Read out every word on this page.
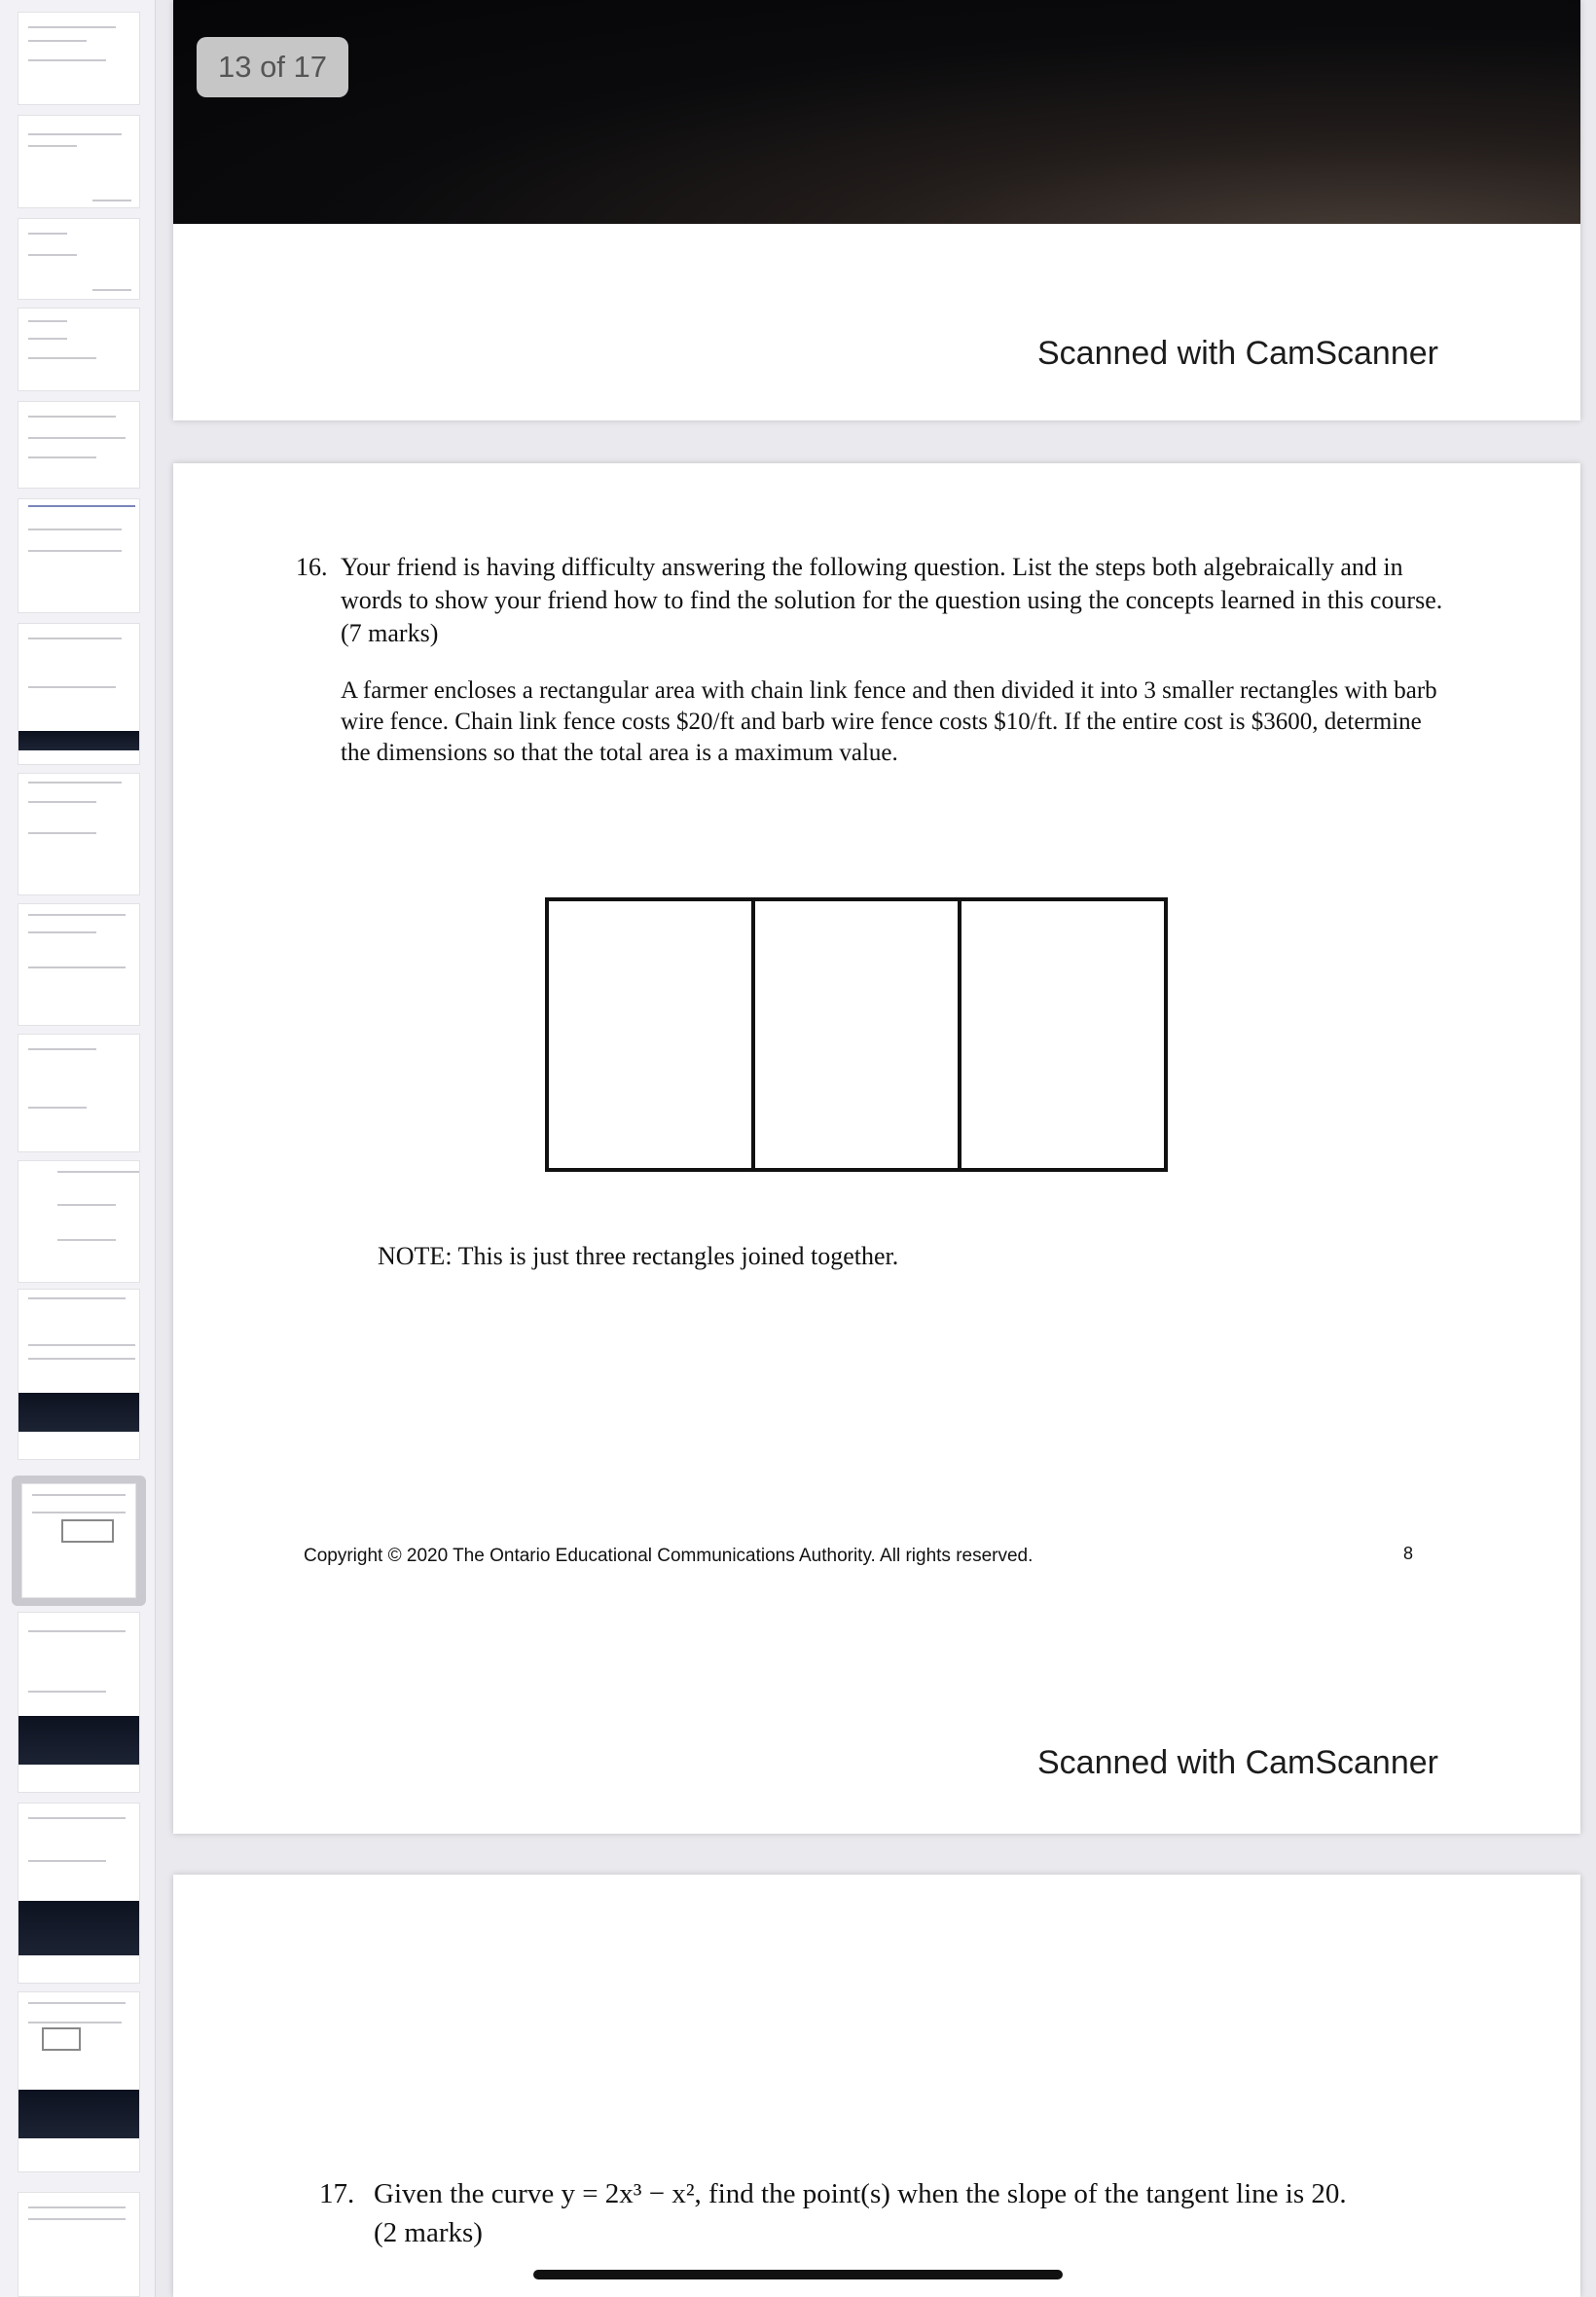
Scanned with CamScanner
16. Your friend is having difficulty answering the following question. List the steps both algebraically and in words to show your friend how to find the solution for the question using the concepts learned in this course. (7 marks)
A farmer encloses a rectangular area with chain link fence and then divided it into 3 smaller rectangles with barb wire fence. Chain link fence costs $20/ft and barb wire fence costs $10/ft. If the entire cost is $3600, determine the dimensions so that the total area is a maximum value.
NOTE: This is just three rectangles joined together.
Copyright © 2020 The Ontario Educational Communications Authority. All rights reserved.	8
Scanned with CamScanner
17. Given the curve y = 2x³ − x², find the point(s) when the slope of the tangent line is 20.
(2 marks)
13 of 17
